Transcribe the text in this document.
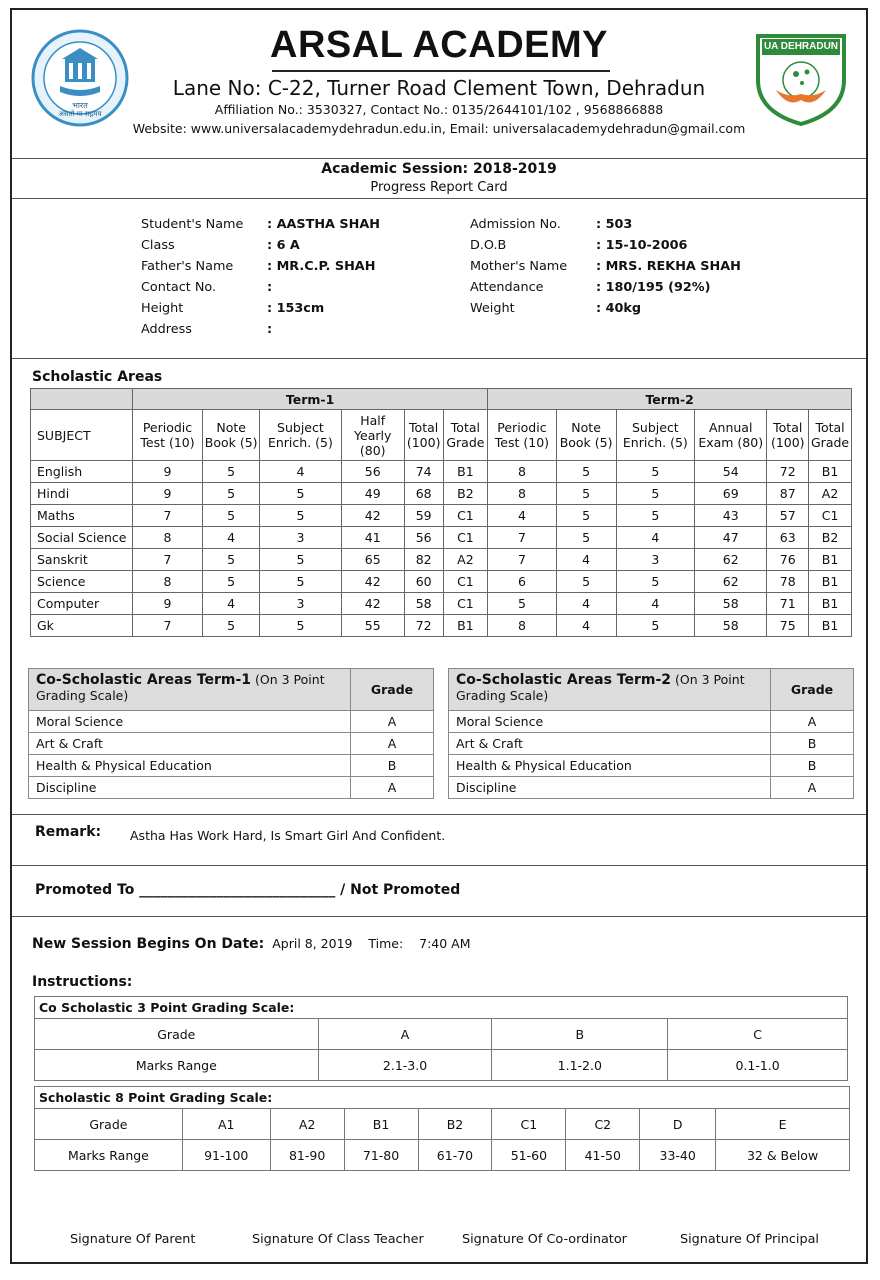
भारत
असतो मा सद्गमय
UA DEHRADUN
ARSAL ACADEMY
Lane No: C-22, Turner Road Clement Town, Dehradun
Affiliation No.: 3530327, Contact No.: 0135/2644101/102 , 9568866888
Website: www.universalacademydehradun.edu.in, Email: universalacademydehradun@gmail.com
Academic Session: 2018-2019
Progress Report Card
Student's Name : AASTHA SHAH
Class	: 6 A
Father's Name	: MR.C.P. SHAH
Contact No.	:
Height	: 153cm
Address	:
Admission No.	: 503
D.O.B	: 15-10-2006
Mother's Name : MRS. REKHA SHAH
Attendance	: 180/195 (92%)
Weight	: 40kg
Scholastic Areas
	Term-1						Term-2					
SUBJECT	Periodic Test (10)	Note Book (5)	Subject Enrich. (5)	Half Yearly (80)	Total (100)	Total Grade	Periodic Test (10)	Note Book (5)	Subject Enrich. (5)	Annual Exam (80)	Total (100)	Total Grade
English	9	5	4	56	74	B1	8	5	5	54	72	B1
Hindi	9	5	5	49	68	B2	8	5	5	69	87	A2
Maths	7	5	5	42	59	C1	4	5	5	43	57	C1
Social Science	8	4	3	41	56	C1	7	5	4	47	63	B2
Sanskrit	7	5	5	65	82	A2	7	4	3	62	76	B1
Science	8	5	5	42	60	C1	6	5	5	62	78	B1
Computer	9	4	3	42	58	C1	5	4	4	58	71	B1
Gk	7	5	5	55	72	B1	8	4	5	58	75	B1
Co-Scholastic Areas Term-1 (On 3 Point
Grading Scale)	Grade
Moral Science	A
Art & Craft	A
Health & Physical Education	B
Discipline	A
Co-Scholastic Areas Term-2 (On 3 Point
Grading Scale)	Grade
Moral Science	A
Art & Craft	B
Health & Physical Education	B
Discipline	A
Remark: Astha Has Work Hard, Is Smart Girl And Confident.
Promoted To ____________________________ / Not Promoted
New Session Begins On Date: April 8, 2019 Time: 7:40 AM
Instructions:
Co Scholastic 3 Point Grading Scale:			
Grade	A	B	C
Marks Range	2.1-3.0	1.1-2.0	0.1-1.0
Scholastic 8 Point Grading Scale:								
Grade	A1	A2	B1	B2	C1	C2	D	E
Marks Range	91-100	81-90	71-80	61-70	51-60	41-50	33-40	32 & Below
Signature Of Parent	Signature Of Class Teacher	Signature Of Co-ordinator	Signature Of Principal
